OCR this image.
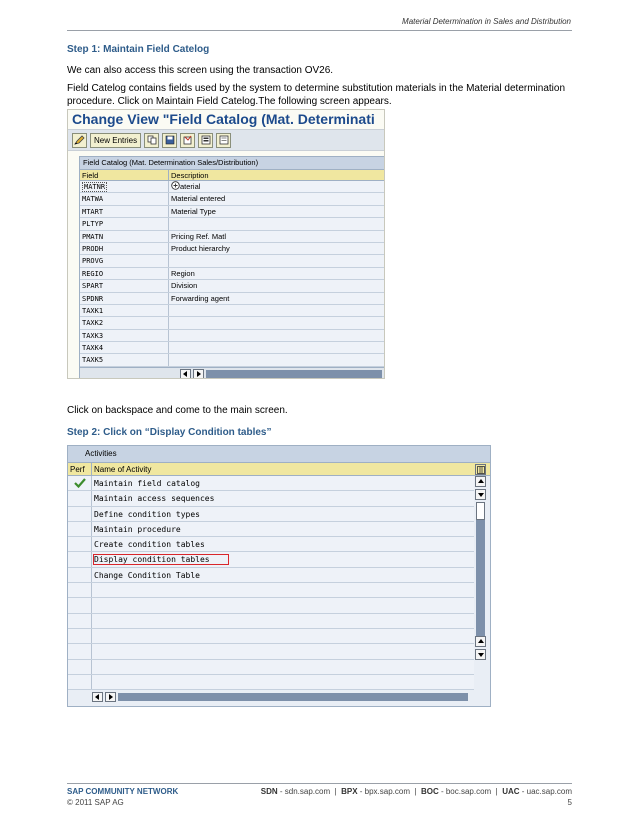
Material Determination in Sales and Distribution
Step 1: Maintain Field Catelog
We can also access this screen using the transaction OV26.
Field Catelog contains fields used by the system to determine substitution materials in the Material determination procedure. Click on Maintain Field Catelog.The following screen appears.
Change View "Field Catalog (Mat. Determinati
New Entries
Field Catalog (Mat. Determination Sales/Distribution)
Field	Description
MATNR	aterial
MATWA	Material entered
MTART	Material Type
PLTYP
PMATN	Pricing Ref. Matl
PRODH	Product hierarchy
PROVG
REGIO	Region
SPART	Division
SPDNR	Forwarding agent
TAXK1
TAXK2
TAXK3
TAXK4
TAXK5
Click on backspace and come to the main screen.
Step 2: Click on “Display Condition tables”
Activities
Perf	Name of Activity
Maintain field catalog
Maintain access sequences
Define condition types
Maintain procedure
Create condition tables
Display condition tables
Change Condition Table
SAP COMMUNITY NETWORK	SDN - sdn.sap.com  |  BPX - bpx.sap.com  |  BOC - boc.sap.com  |  UAC - uac.sap.com
© 2011 SAP AG	5
